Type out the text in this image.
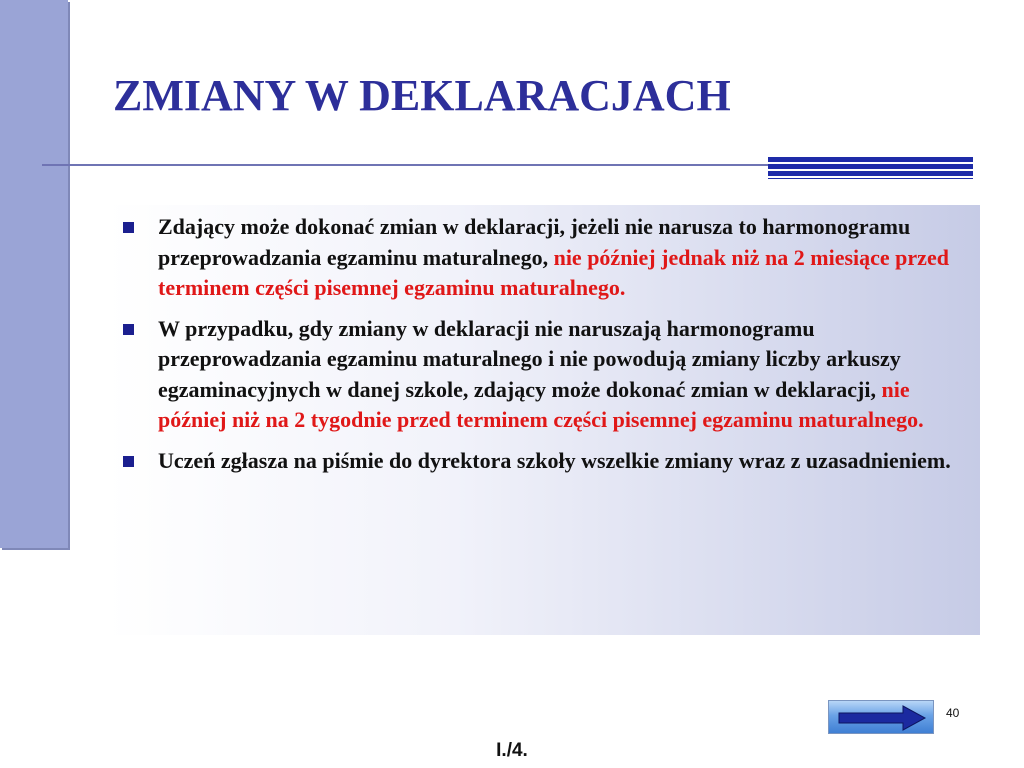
ZMIANY W DEKLARACJACH
Zdający może dokonać zmian w deklaracji, jeżeli nie narusza to harmonogramu przeprowadzania egzaminu maturalnego, nie później jednak niż na 2 miesiące przed terminem części pisemnej egzaminu maturalnego.
W przypadku, gdy zmiany w deklaracji nie naruszają harmonogramu przeprowadzania egzaminu maturalnego i nie powodują zmiany liczby arkuszy egzaminacyjnych w danej szkole, zdający może dokonać zmian w deklaracji, nie później niż na 2 tygodnie przed terminem części pisemnej egzaminu maturalnego.
Uczeń zgłasza na piśmie do dyrektora szkoły wszelkie zmiany wraz z uzasadnieniem.
40
I./4.
